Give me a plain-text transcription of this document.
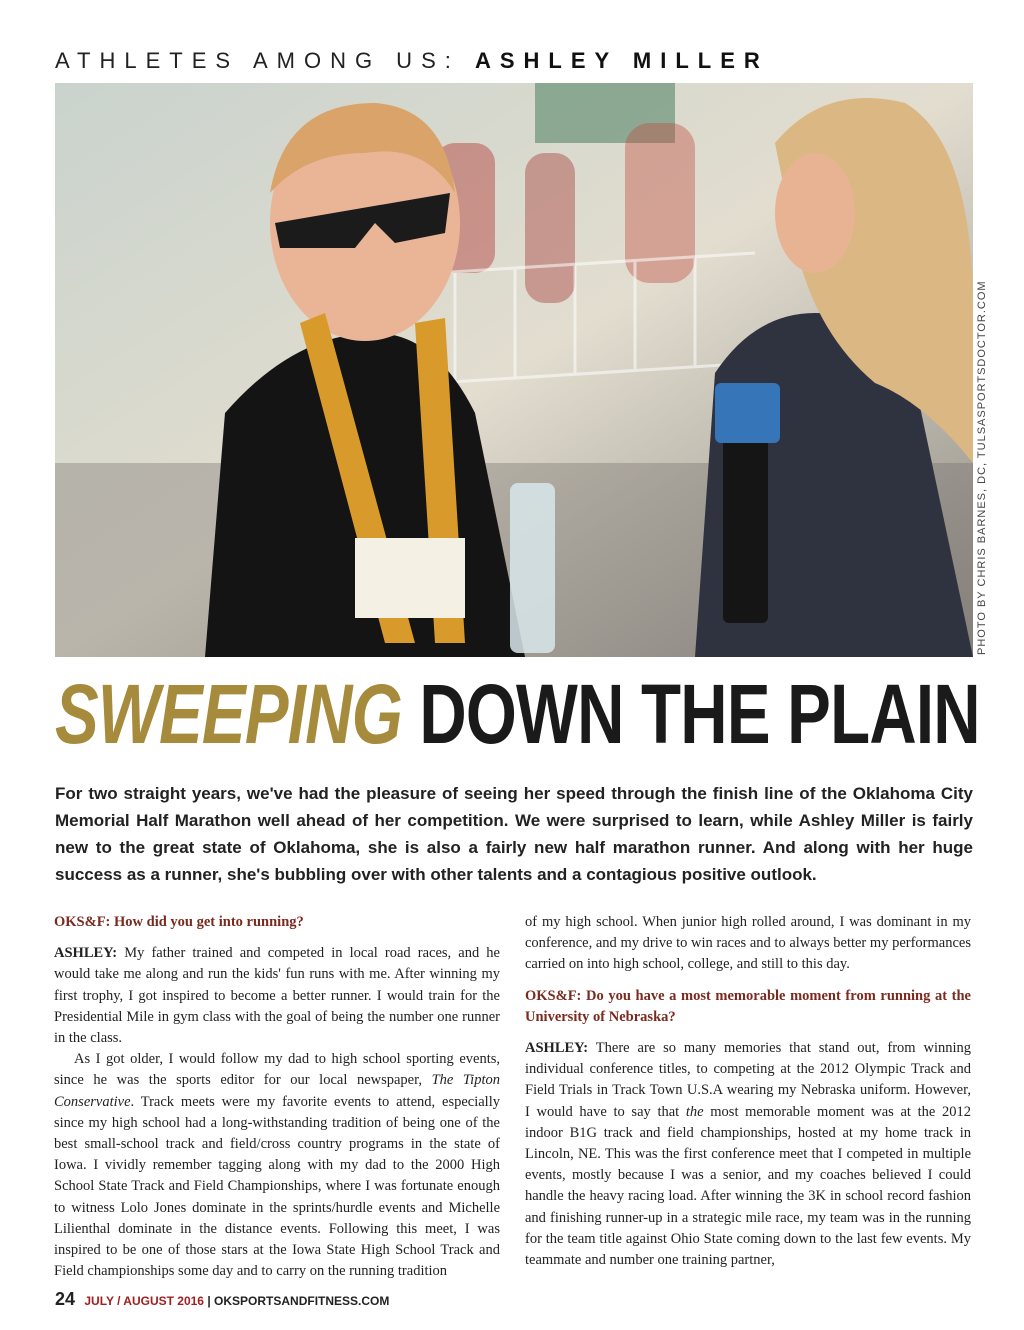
ATHLETES AMONG US: ASHLEY MILLER
PHOTO BY CHRIS BARNES, DC, TULSASPORTSDOCTOR.COM
SWEEPING DOWN THE PLAIN
For two straight years, we've had the pleasure of seeing her speed through the finish line of the Oklahoma City Memorial Half Marathon well ahead of her competition. We were surprised to learn, while Ashley Miller is fairly new to the great state of Oklahoma, she is also a fairly new half marathon runner. And along with her huge success as a runner, she's bubbling over with other talents and a contagious positive outlook.

OKS&F: How did you get into running?

ASHLEY: My father trained and competed in local road races, and he would take me along and run the kids' fun runs with me. After winning my first trophy, I got inspired to become a better runner. I would train for the Presidential Mile in gym class with the goal of being the number one runner in the class.

As I got older, I would follow my dad to high school sporting events, since he was the sports editor for our local newspaper, The Tipton Conservative. Track meets were my favorite events to attend, especially since my high school had a long-withstanding tradition of being one of the best small-school track and field/cross country programs in the state of Iowa. I vividly remember tagging along with my dad to the 2000 High School State Track and Field Championships, where I was fortunate enough to witness Lolo Jones dominate in the sprints/hurdle events and Michelle Lilienthal dominate in the distance events. Following this meet, I was inspired to be one of those stars at the Iowa State High School Track and Field championships some day and to carry on the running tradition

of my high school. When junior high rolled around, I was dominant in my conference, and my drive to win races and to always better my performances carried on into high school, college, and still to this day.

OKS&F: Do you have a most memorable moment from running at the University of Nebraska?

ASHLEY: There are so many memories that stand out, from winning individual conference titles, to competing at the 2012 Olympic Track and Field Trials in Track Town U.S.A wearing my Nebraska uniform. However, I would have to say that the most memorable moment was at the 2012 indoor B1G track and field championships, hosted at my home track in Lincoln, NE. This was the first conference meet that I competed in multiple events, mostly because I was a senior, and my coaches believed I could handle the heavy racing load. After winning the 3K in school record fashion and finishing runner-up in a strategic mile race, my team was in the running for the team title against Ohio State coming down to the last few events. My teammate and number one training partner,

24 JULY / AUGUST 2016 | OKSPORTSANDFITNESS.COM
